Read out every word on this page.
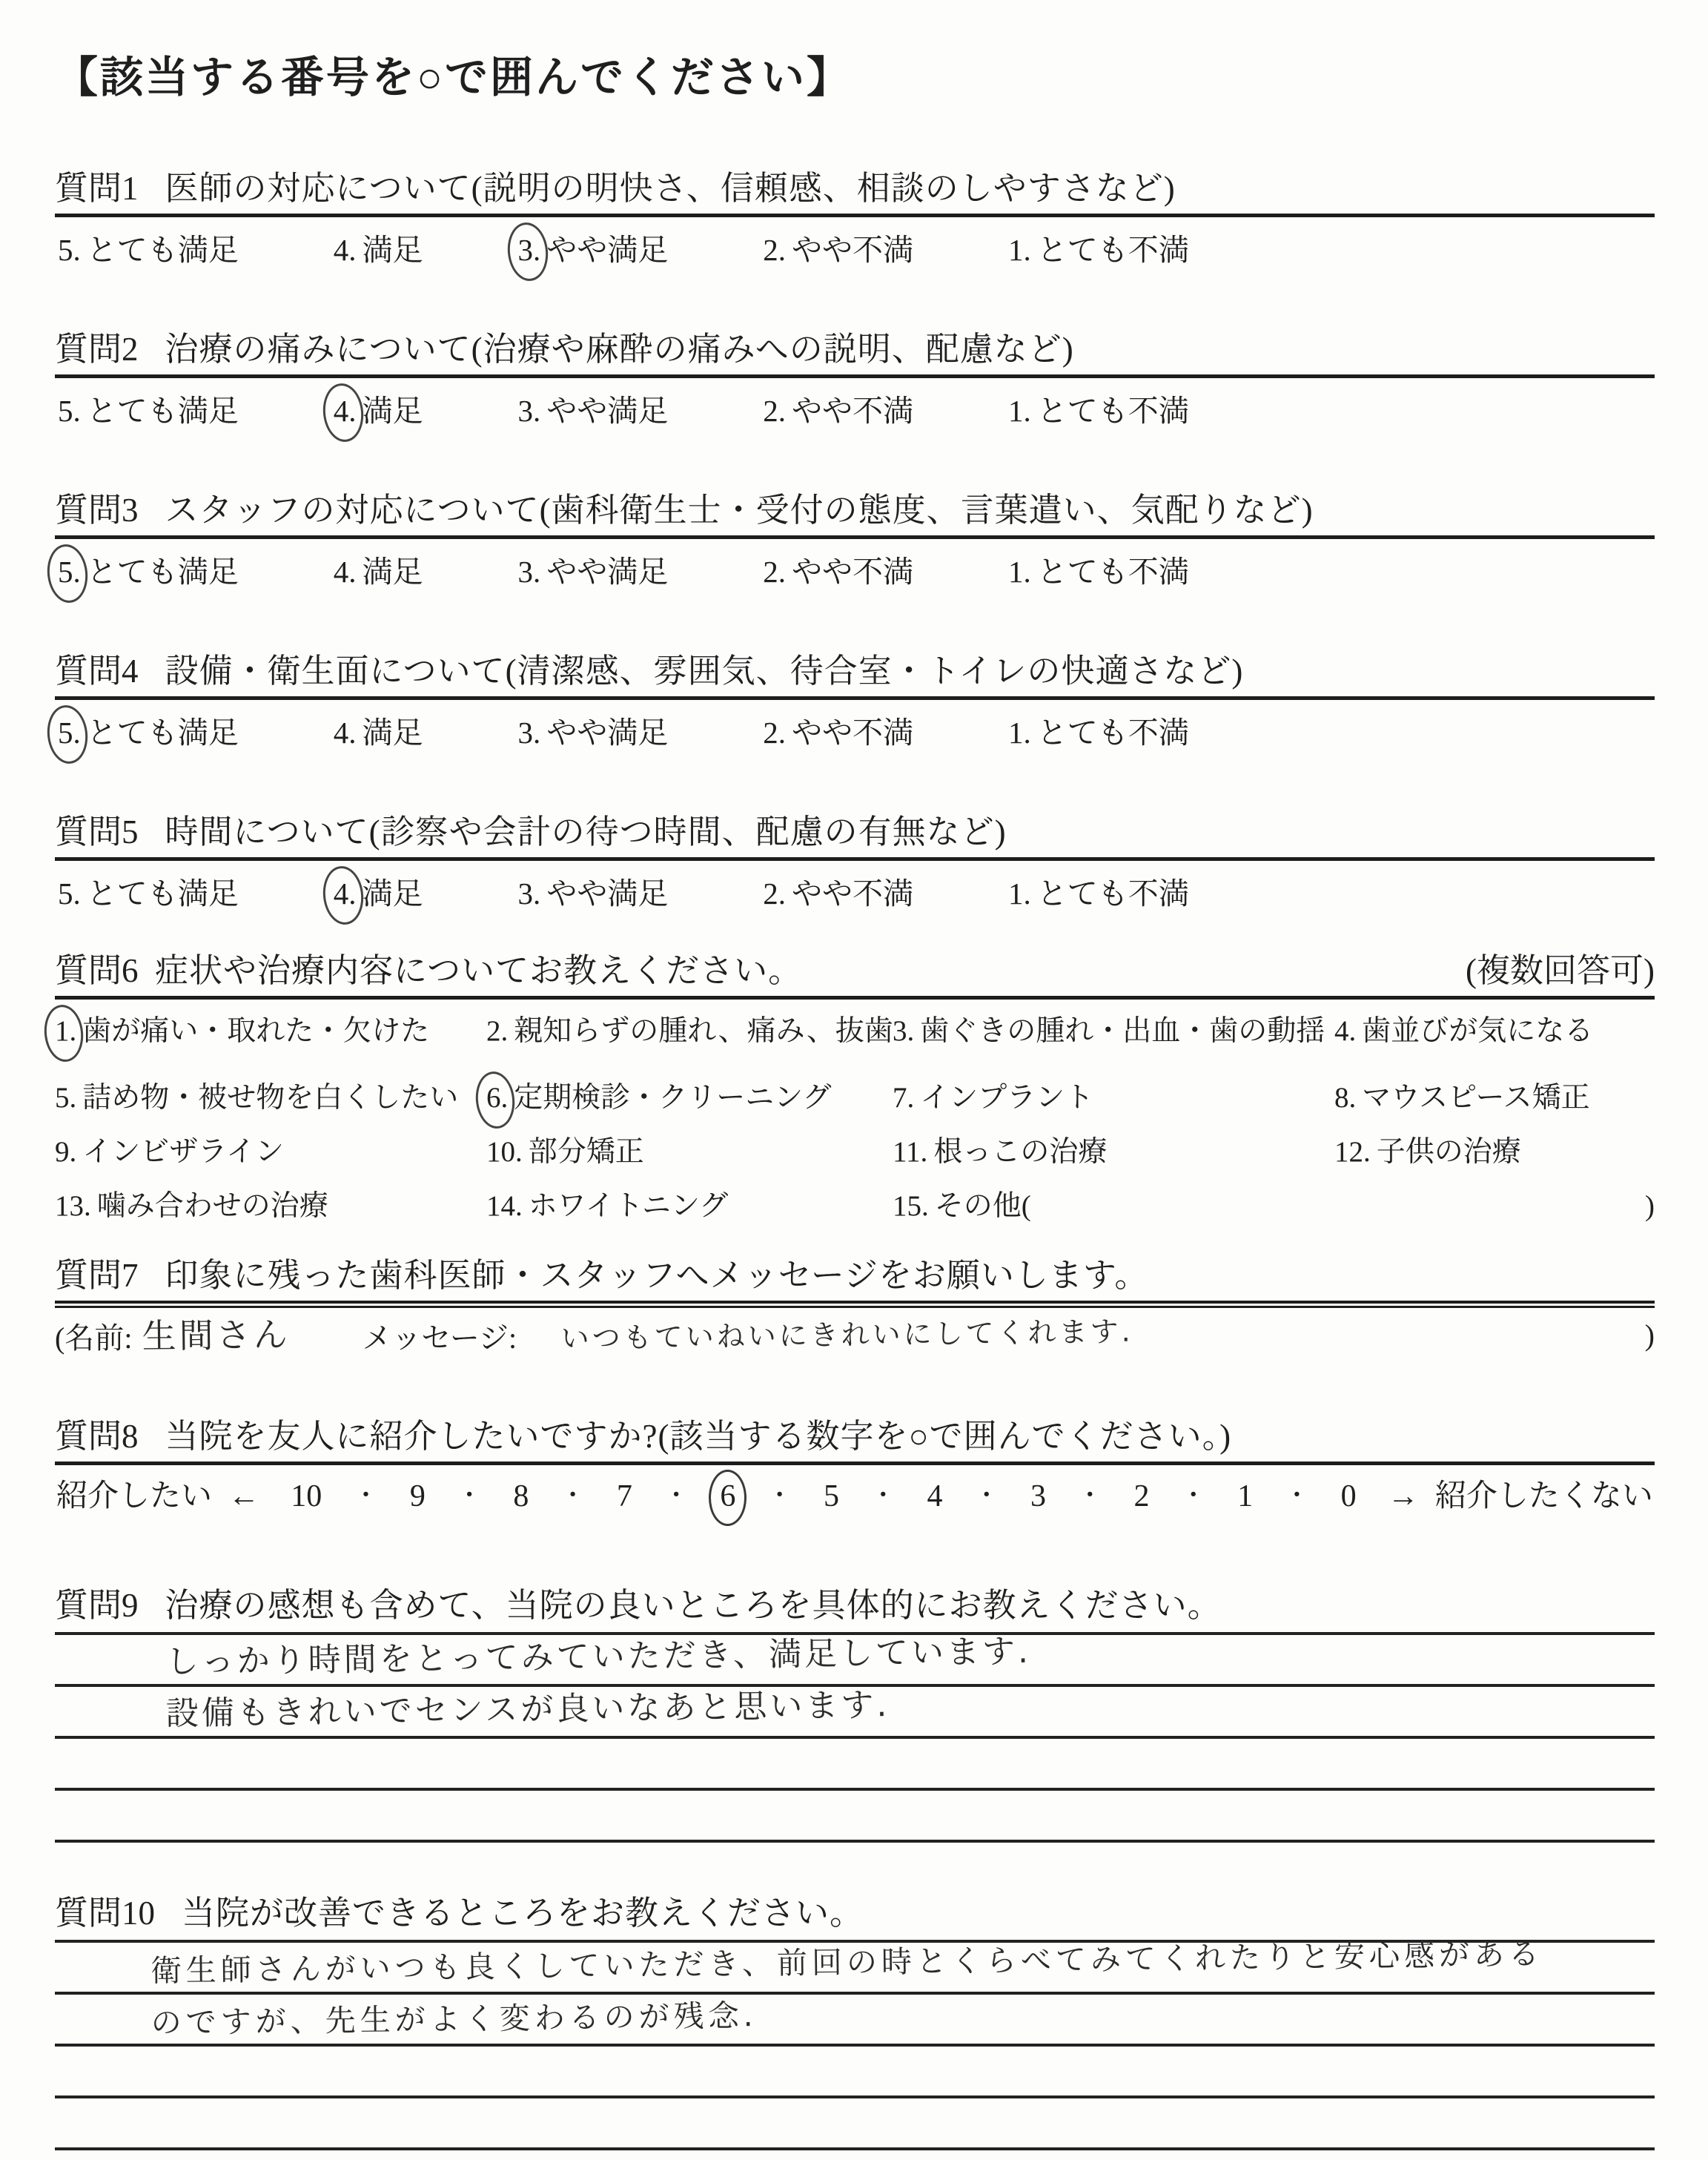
【該当する番号を○で囲んでください】
質問1 医師の対応について(説明の明快さ、信頼感、相談のしやすさなど)
5. とても満足	4. 満足	3. やや満足	2. やや不満	1. とても不満
質問2 治療の痛みについて(治療や麻酔の痛みへの説明、配慮など)
5. とても満足	4. 満足	3. やや満足	2. やや不満	1. とても不満
質問3 スタッフの対応について(歯科衛生士・受付の態度、言葉遣い、気配りなど)
5. とても満足	4. 満足	3. やや満足	2. やや不満	1. とても不満
質問4 設備・衛生面について(清潔感、雰囲気、待合室・トイレの快適さなど)
5. とても満足	4. 満足	3. やや満足	2. やや不満	1. とても不満
質問5 時間について(診察や会計の待つ時間、配慮の有無など)
5. とても満足	4. 満足	3. やや満足	2. やや不満	1. とても不満
質問6 症状や治療内容についてお教えください。	(複数回答可)
1. 歯が痛い・取れた・欠けた	2. 親知らずの腫れ、痛み、抜歯 3. 歯ぐきの腫れ・出血・歯の動揺 4. 歯並びが気になる
5. 詰め物・被せ物を白くしたい 6. 定期検診・クリーニング	7. インプラント	8. マウスピース矯正
9. インビザライン	10. 部分矯正	11. 根っこの治療	12. 子供の治療
13. 噛み合わせの治療	14. ホワイトニング	15. その他(	)
質問7 印象に残った歯科医師・スタッフへメッセージをお願いします。
(名前: 生間さん メッセージ: いつもていねいにきれいにしてくれます.	)
質問8 当院を友人に紹介したいですか?(該当する数字を○で囲んでください。)
紹介したい ← 10 ・ 9 ・ 8 ・ 7 ・ 6 ・ 5 ・ 4 ・ 3 ・ 2 ・ 1 ・ 0 → 紹介したくない
質問9 治療の感想も含めて、当院の良いところを具体的にお教えください。
しっかり時間をとってみていただき、満足しています.
設備もきれいでセンスが良いなあと思います.
質問10 当院が改善できるところをお教えください。
衛生師さんがいつも良くしていただき、前回の時とくらべてみてくれたりと安心感がある
のですが、先生がよく変わるのが残念.
